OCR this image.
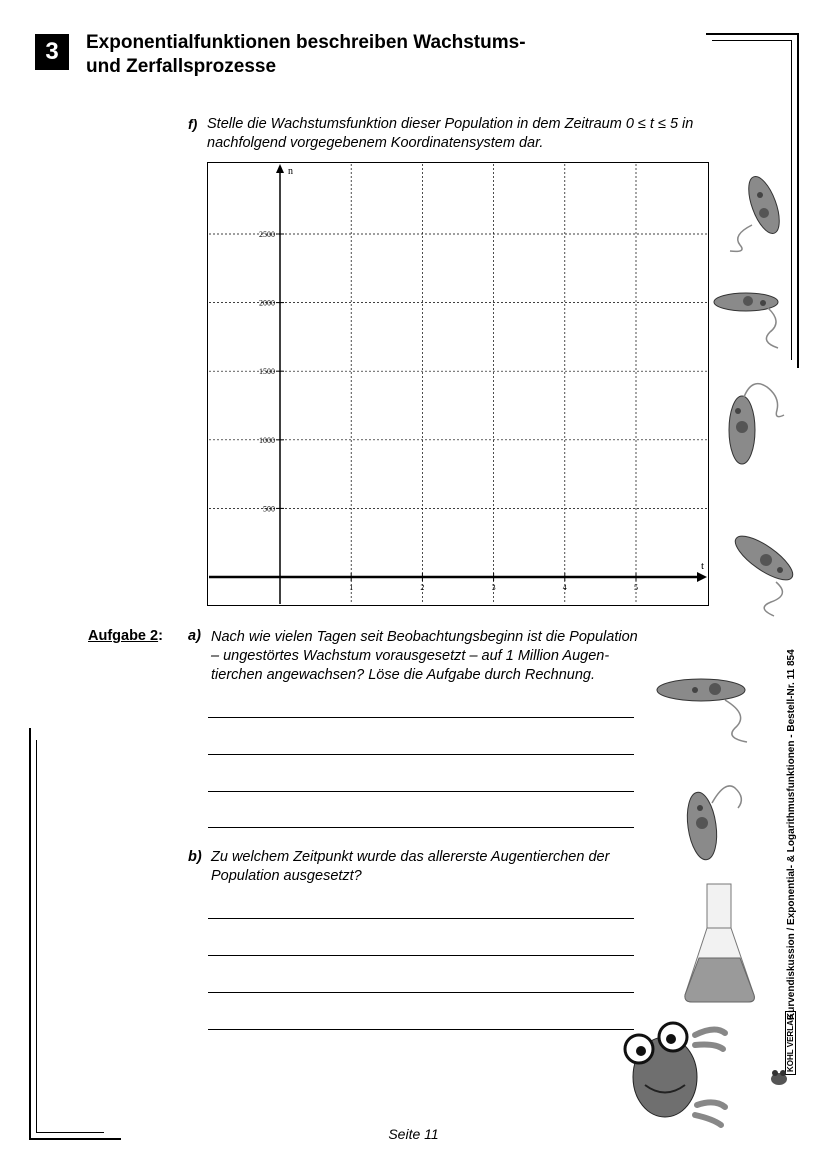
3	Exponentialfunktionen beschreiben Wachstums-
und Zerfallsprozesse
f) Stelle die Wachstumsfunktion dieser Population in dem Zeitraum 0 ≤ t ≤ 5 in
nachfolgend vorgegebenem Koordinatensystem dar.
t
n
1	2	3	4	5
500
1000
1500
2000
2500
Aufgabe 2: a) Nach wie vielen Tagen seit Beobachtungsbeginn ist die Population
– ungestörtes Wachstum vorausgesetzt – auf 1 Million Augen-
tierchen angewachsen? Löse die Aufgabe durch Rechnung.
b) Zu welchem Zeitpunkt wurde das allererste Augentierchen der
Population ausgesetzt?	Kurvendiskussion / Exponential- & Logarithmusfunktionen - Bestell-Nr. 11 854
KOHL VERLAG
Seite 11
